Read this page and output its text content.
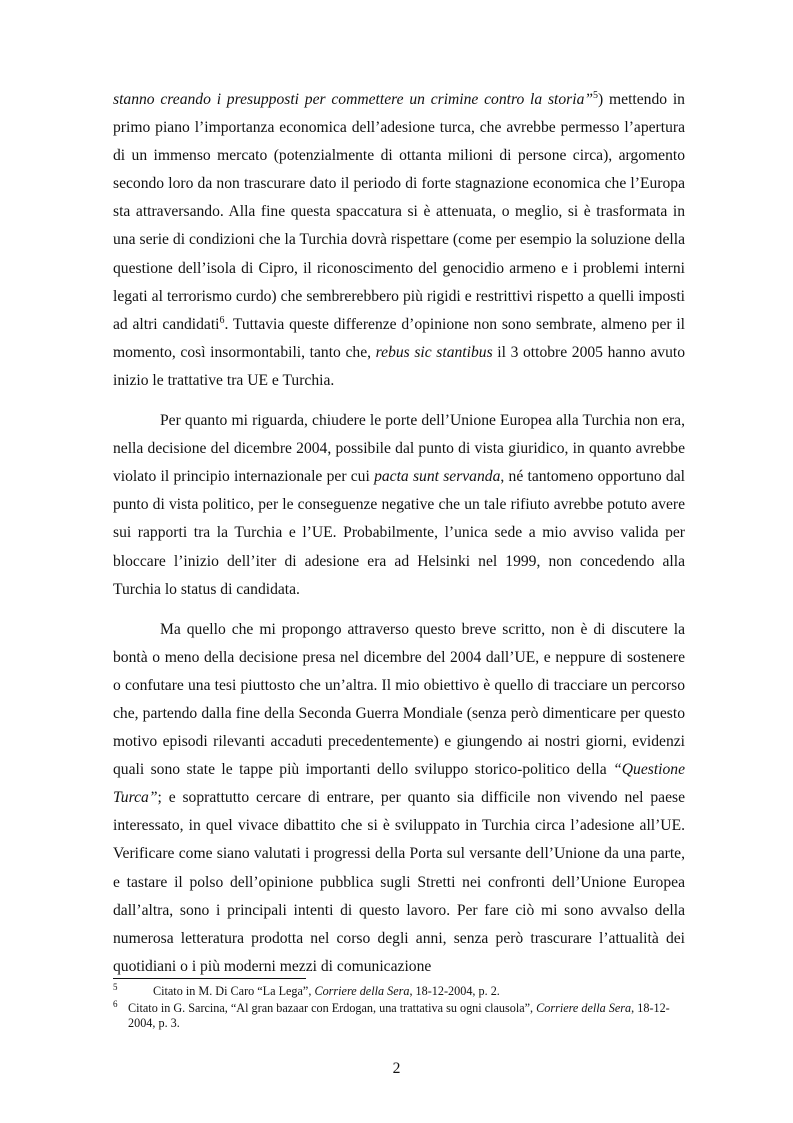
stanno creando i presupposti per commettere un crimine contro la storia”$^5$) mettendo in primo piano l’importanza economica dell’adesione turca, che avrebbe permesso l’apertura di un immenso mercato (potenzialmente di ottanta milioni di persone circa), argomento secondo loro da non trascurare dato il periodo di forte stagnazione economica che l’Europa sta attraversando. Alla fine questa spaccatura si è attenuata, o meglio, si è trasformata in una serie di condizioni che la Turchia dovrà rispettare (come per esempio la soluzione della questione dell’isola di Cipro, il riconoscimento del genocidio armeno e i problemi interni legati al terrorismo curdo) che sembrerebbero più rigidi e restrittivi rispetto a quelli imposti ad altri candidati$^6$. Tuttavia queste differenze d’opinione non sono sembrate, almeno per il momento, così insormontabili, tanto che, rebus sic stantibus il 3 ottobre 2005 hanno avuto inizio le trattative tra UE e Turchia.

Per quanto mi riguarda, chiudere le porte dell’Unione Europea alla Turchia non era, nella decisione del dicembre 2004, possibile dal punto di vista giuridico, in quanto avrebbe violato il principio internazionale per cui pacta sunt servanda, né tantomeno opportuno dal punto di vista politico, per le conseguenze negative che un tale rifiuto avrebbe potuto avere sui rapporti tra la Turchia e l’UE. Probabilmente, l’unica sede a mio avviso valida per bloccare l’inizio dell’iter di adesione era ad Helsinki nel 1999, non concedendo alla Turchia lo status di candidata.

Ma quello che mi propongo attraverso questo breve scritto, non è di discutere la bontà o meno della decisione presa nel dicembre del 2004 dall’UE, e neppure di sostenere o confutare una tesi piuttosto che un’altra. Il mio obiettivo è quello di tracciare un percorso che, partendo dalla fine della Seconda Guerra Mondiale (senza però dimenticare per questo motivo episodi rilevanti accaduti precedentemente) e giungendo ai nostri giorni, evidenzi quali sono state le tappe più importanti dello sviluppo storico-politico della “Questione Turca”; e soprattutto cercare di entrare, per quanto sia difficile non vivendo nel paese interessato, in quel vivace dibattito che si è sviluppato in Turchia circa l’adesione all’UE. Verificare come siano valutati i progressi della Porta sul versante dell’Unione da una parte, e tastare il polso dell’opinione pubblica sugli Stretti nei confronti dell’Unione Europea dall’altra, sono i principali intenti di questo lavoro. Per fare ciò mi sono avvalso della numerosa letteratura prodotta nel corso degli anni, senza però trascurare l’attualità dei quotidiani o i più moderni mezzi di comunicazione

5	Citato in M. Di Caro “La Lega”, Corriere della Sera, 18-12-2004, p. 2.
6 Citato in G. Sarcina, “Al gran bazaar con Erdogan, una trattativa su ogni clausola”, Corriere della Sera, 18-12-2004, p. 3.
2
